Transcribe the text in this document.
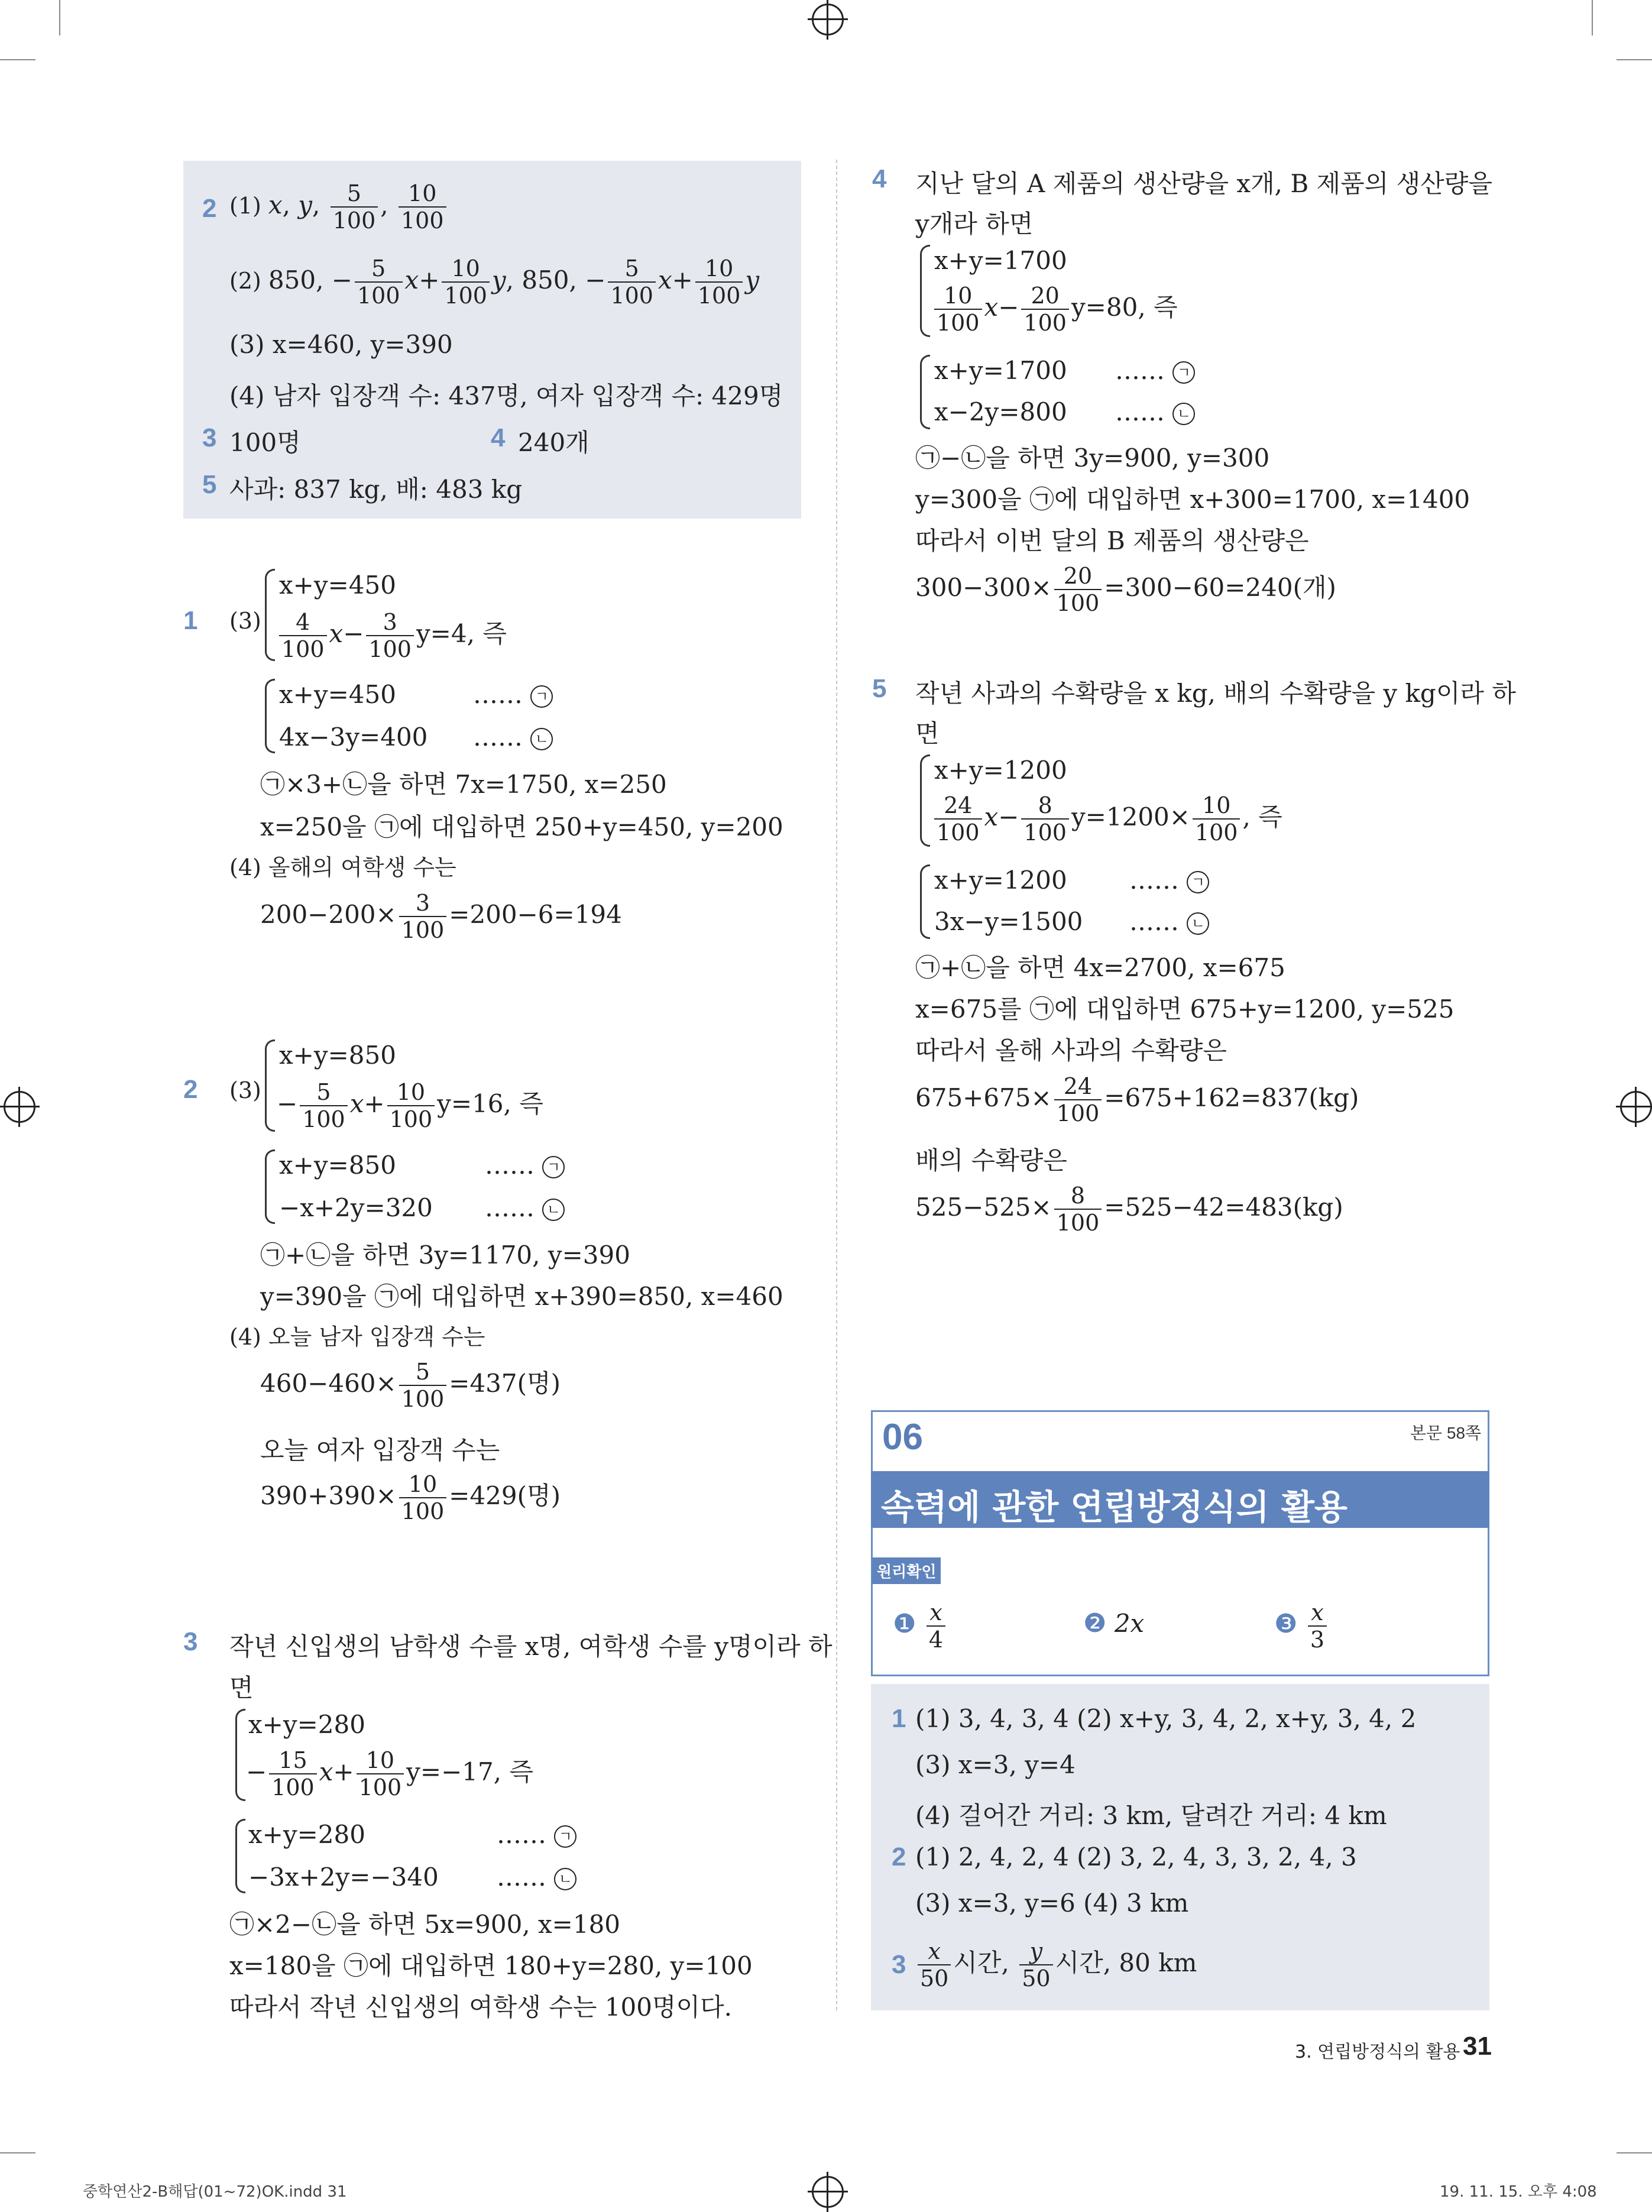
2 (1) x, y, $\frac{5}{100}$ , $\frac{10}{100}$
(2) 850, − $\frac{5}{100} x+ \frac{10}{100} y$, 850, − $\frac{5}{100} x+ \frac{10}{100}$ y
(3) x=460, y=390
(4) 남자 입장객 수: 437명, 여자 입장객 수: 429명
3 100명	4 240개
5 사과: 837 kg, 배: 483 kg
1 (3)
x+y=450
$\frac{4}{100} x- \frac{3}{100} y=4$, 즉
x+y=450	…… ㄱ
4x−3y=400 …… ㄴ
㉠×3+㉡을 하면 7x=1750, x=250
x=250을 ㉠에 대입하면 250+y=450, y=200
(4) 올해의 여학생 수는
$200-200\times \frac{3}{100} =200-6=194$
2 (3)
x+y=850
− $\frac{5}{100} x+ \frac{10}{100} y=16$, 즉
x+y=850	…… ㄱ
−x+2y=320 …… ㄴ
㉠+㉡을 하면 3y=1170, y=390
y=390을 ㉠에 대입하면 x+390=850, x=460
(4) 오늘 남자 입장객 수는
$460-460\times \frac{5}{100} =437$(명)
오늘 여자 입장객 수는
$390+390\times \frac{10}{100} =429$(명)
3 작년 신입생의 남학생 수를 x명, 여학생 수를 y명이라 하
면
x+y=280
− $\frac{15}{100} x+ \frac{10}{100} y=-17$, 즉
x+y=280	…… ㄱ
−3x+2y=−340 …… ㄴ
㉠×2−㉡을 하면 5x=900, x=180
x=180을 ㉠에 대입하면 180+y=280, y=100
따라서 작년 신입생의 여학생 수는 100명이다.
4 지난 달의 A 제품의 생산량을 x개, B 제품의 생산량을
y개라 하면
x+y=1700
$\frac{10}{100} x- \frac{20}{100} y=80$, 즉
x+y=1700 …… ㄱ
x−2y=800 …… ㄴ
㉠−㉡을 하면 3y=900, y=300
y=300을 ㉠에 대입하면 x+300=1700, x=1400
따라서 이번 달의 B 제품의 생산량은
$300-300\times \frac{20}{100} =300-60=240$(개)
5 작년 사과의 수확량을 x kg, 배의 수확량을 y kg이라 하
면
x+y=1200
$\frac{24}{100} x- \frac{8}{100} y=1200\times \frac{10}{100}$ , 즉
x+y=1200	…… ㄱ
3x−y=1500 …… ㄴ
㉠+㉡을 하면 4x=2700, x=675
x=675를 ㉠에 대입하면 675+y=1200, y=525
따라서 올해 사과의 수확량은
$675+675\times \frac{24}{100} =675+162=837(kg)$
배의 수확량은
$525-525\times \frac{8}{100} =525-42=483(kg)$
06	본문 58쪽
속력에 관한 연립방정식의 활용
원리확인
❶ $\frac{x}{4}$	❷ 2x	❸ $\frac{x}{3}$
1 (1) 3, 4, 3, 4 (2) x+y, 3, 4, 2, x+y, 3, 4, 2
(3) x=3, y=4
(4) 걸어간 거리: 3 km, 달려간 거리: 4 km
2 (1) 2, 4, 2, 4 (2) 3, 2, 4, 3, 3, 2, 4, 3
(3) x=3, y=6 (4) 3 km
$3 \frac{x}{50}$ 시간, $\frac{y}{50}$ 시간, 80 km
3. 연립방정식의 활용 31
중학연산2-B해답(01~72)OK.indd 31	19. 11. 15. 오후 4:08
